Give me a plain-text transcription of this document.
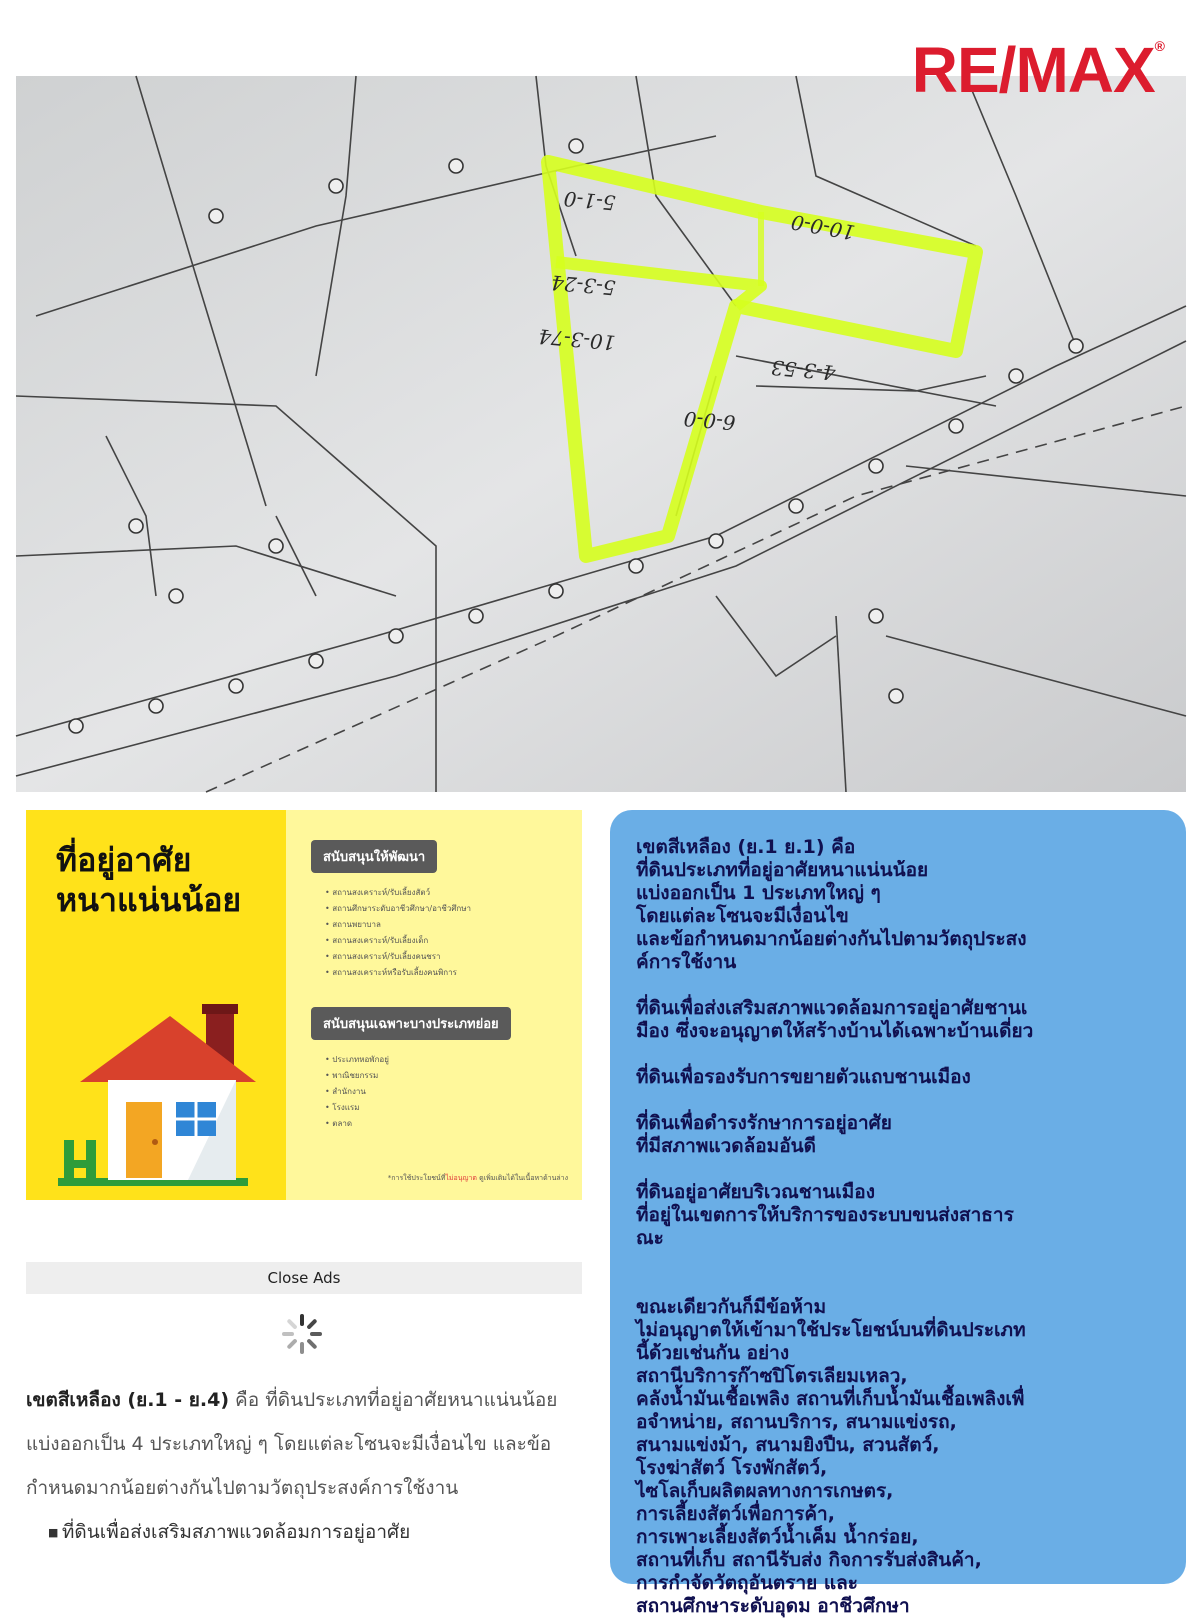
10-0-0
5-3-24
10-3-74
4-3-53
6-0-0
5-1-0
RE/MAX®
ที่อยู่อาศัย
หนาแน่นน้อย
สนับสนุนให้พัฒนา
• สถานสงเคราะห์/รับเลี้ยงสัตว์
• สถานศึกษาระดับอาชีวศึกษา/อาชีวศึกษา
• สถานพยาบาล
• สถานสงเคราะห์/รับเลี้ยงเด็ก
• สถานสงเคราะห์/รับเลี้ยงคนชรา
• สถานสงเคราะห์หรือรับเลี้ยงคนพิการ
สนับสนุนเฉพาะบางประเภทย่อย
• ประเภทหอพักอยู่
• พาณิชยกรรม
• สำนักงาน
• โรงแรม
• ตลาด
*การใช้ประโยชน์ที่ไม่อนุญาต ดูเพิ่มเติมได้ในเนื้อหาด้านล่าง
Close Ads
เขตสีเหลือง (ย.1 - ย.4) คือ ที่ดินประเภทที่อยู่อาศัยหนาแน่นน้อย แบ่งออกเป็น 4 ประเภทใหญ่ ๆ โดยแต่ละโซนจะมีเงื่อนไข และข้อกำหนดมากน้อยต่างกันไปตามวัตถุประสงค์การใช้งาน
■ ที่ดินเพื่อส่งเสริมสภาพแวดล้อมการอยู่อาศัย

เขตสีเหลือง (ย.1 ย.1) คือ
ที่ดินประเภทที่อยู่อาศัยหนาแน่นน้อย
แบ่งออกเป็น 1 ประเภทใหญ่ ๆ
โดยแต่ละโซนจะมีเงื่อนไข
และข้อกำหนดมากน้อยต่างกันไปตามวัตถุประสง
ค์การใช้งาน

ที่ดินเพื่อส่งเสริมสภาพแวดล้อมการอยู่อาศัยชานเ
มือง ซึ่งจะอนุญาตให้สร้างบ้านได้เฉพาะบ้านเดี่ยว

ที่ดินเพื่อรองรับการขยายตัวแถบชานเมือง

ที่ดินเพื่อดำรงรักษาการอยู่อาศัย
ที่มีสภาพแวดล้อมอันดี

ที่ดินอยู่อาศัยบริเวณชานเมือง
ที่อยู่ในเขตการให้บริการของระบบขนส่งสาธาร
ณะ

ขณะเดียวกันก็มีข้อห้าม
ไม่อนุญาตให้เข้ามาใช้ประโยชน์บนที่ดินประเภท
นี้ด้วยเช่นกัน อย่าง
สถานีบริการก๊าซปิโตรเลียมเหลว,
คลังน้ำมันเชื้อเพลิง สถานที่เก็บน้ำมันเชื้อเพลิงเพื่
อจำหน่าย, สถานบริการ, สนามแข่งรถ,
สนามแข่งม้า, สนามยิงปืน, สวนสัตว์,
โรงฆ่าสัตว์ โรงพักสัตว์,
ไซโลเก็บผลิตผลทางการเกษตร,
การเลี้ยงสัตว์เพื่อการค้า,
การเพาะเลี้ยงสัตว์น้ำเค็ม น้ำกร่อย,
สถานที่เก็บ สถานีรับส่ง กิจการรับส่งสินค้า,
การกำจัดวัตถุอันตราย และ
สถานศึกษาระดับอุดม อาชีวศึกษา
